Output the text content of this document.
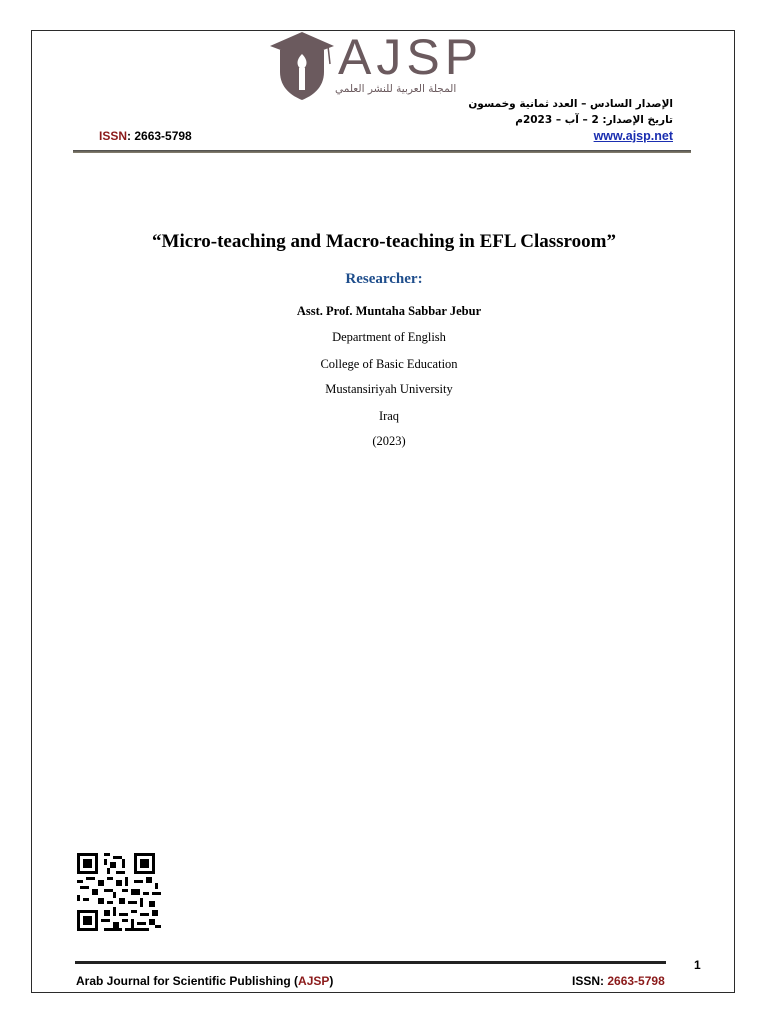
AJSP
المجلة العربية للنشر العلمي
الإصدار السادس – العدد ثمانية وخمسون
تاريخ الإصدار: 2 – آب – 2023م
ISSN: 2663-5798	www.ajsp.net
“Micro-teaching and Macro-teaching in EFL Classroom”
Researcher:
Asst. Prof. Muntaha Sabbar Jebur
Department of English
College of Basic Education
Mustansiriyah University
Iraq
(2023)
1
Arab Journal for Scientific Publishing (AJSP)	ISSN: 2663-5798
